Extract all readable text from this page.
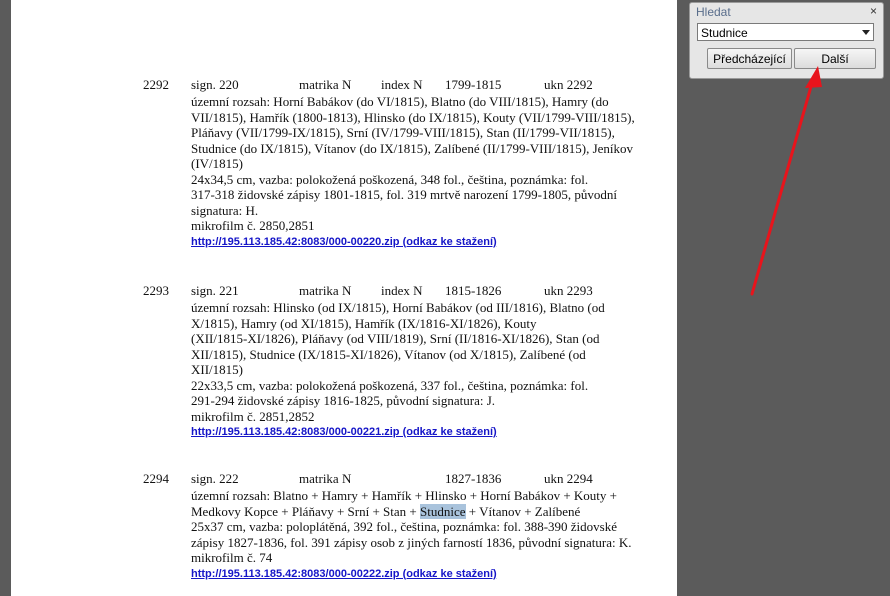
2292 sign. 220	matrika N index N 1799-1815	ukn 2292
územní rozsah: Horní Babákov (do VI/1815), Blatno (do VIII/1815), Hamry (do
VII/1815), Hamřík (1800-1813), Hlinsko (do IX/1815), Kouty (VII/1799-VIII/1815),
Pláňavy (VII/1799-IX/1815), Srní (IV/1799-VIII/1815), Stan (II/1799-VII/1815),
Studnice (do IX/1815), Vítanov (do IX/1815), Zalíbené (II/1799-VIII/1815), Jeníkov
(IV/1815)
24x34,5 cm, vazba: polokožená poškozená, 348 fol., čeština, poznámka: fol.
317-318 židovské zápisy 1801-1815, fol. 319 mrtvě narození 1799-1805, původní
signatura: H.
mikrofilm č. 2850,2851
http://195.113.185.42:8083/000-00220.zip (odkaz ke stažení)
2293 sign. 221	matrika N index N 1815-1826	ukn 2293
územní rozsah: Hlinsko (od IX/1815), Horní Babákov (od III/1816), Blatno (od
X/1815), Hamry (od XI/1815), Hamřík (IX/1816-XI/1826), Kouty
(XII/1815-XI/1826), Pláňavy (od VIII/1819), Srní (II/1816-XI/1826), Stan (od
XII/1815), Studnice (IX/1815-XI/1826), Vítanov (od X/1815), Zalíbené (od
XII/1815)
22x33,5 cm, vazba: polokožená poškozená, 337 fol., čeština, poznámka: fol.
291-294 židovské zápisy 1816-1825, původní signatura: J.
mikrofilm č. 2851,2852
http://195.113.185.42:8083/000-00221.zip (odkaz ke stažení)
2294 sign. 222	matrika N	1827-1836	ukn 2294
územní rozsah: Blatno + Hamry + Hamřík + Hlinsko + Horní Babákov + Kouty +
Medkovy Kopce + Pláňavy + Srní + Stan + Studnice + Vítanov + Zalíbené
25x37 cm, vazba: poloplátěná, 392 fol., čeština, poznámka: fol. 388-390 židovské
zápisy 1827-1836, fol. 391 zápisy osob z jiných farností 1836, původní signatura: K.
mikrofilm č. 74
http://195.113.185.42:8083/000-00222.zip (odkaz ke stažení)
Hledat	×
Studnice
Předcházející	Další
